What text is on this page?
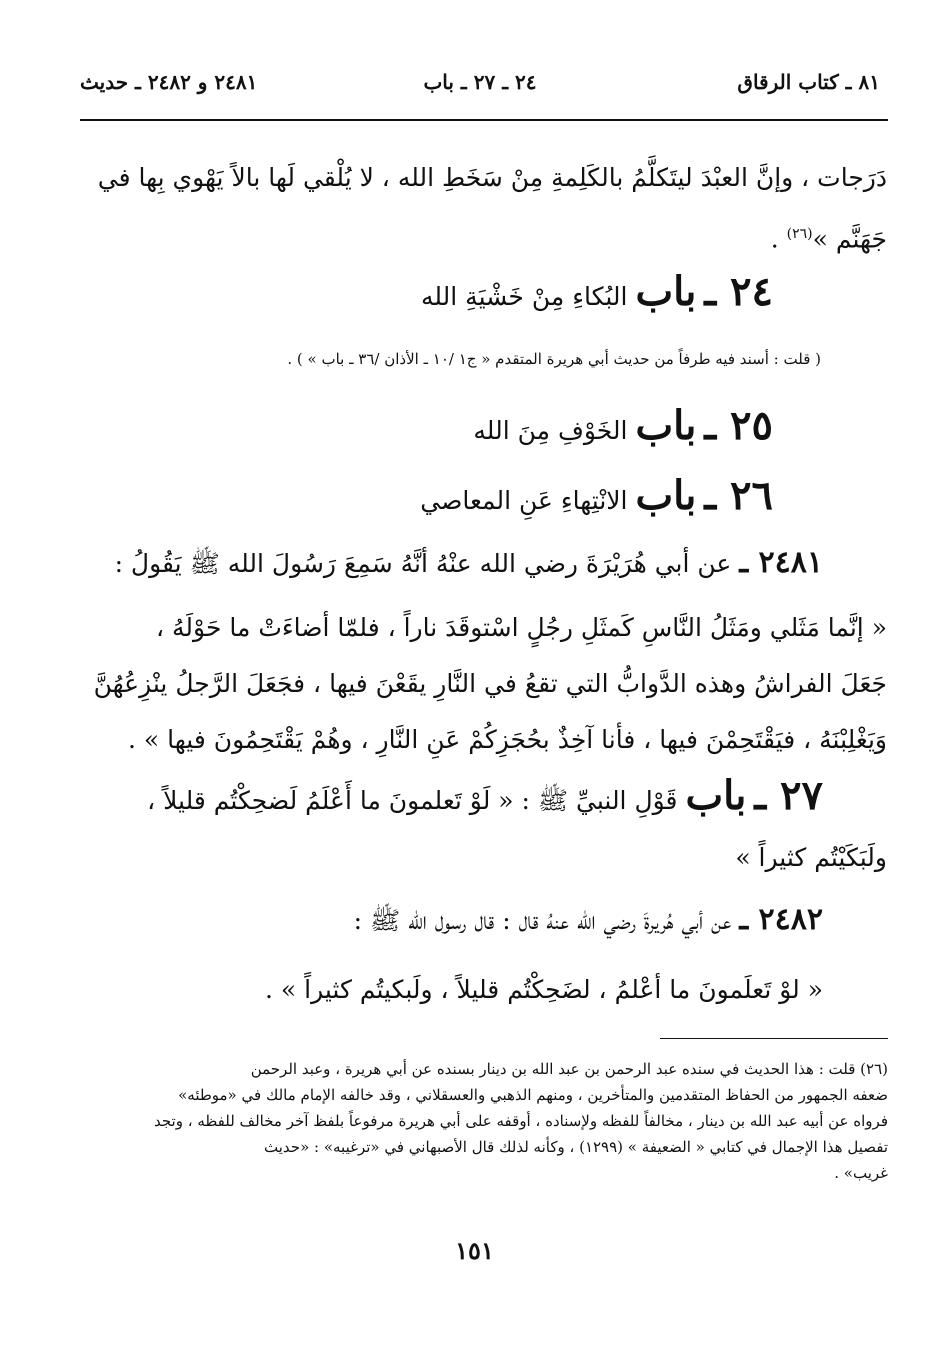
٨١ ـ كتاب الرقاق
٢٤ ـ ٢٧ ـ باب
٢٤٨١ و ٢٤٨٢ ـ حديث
دَرَجات ، وإنَّ العبْدَ ليتَكلَّمُ بالكَلِمةِ مِنْ سَخَطِ الله ، لا يُلْقي لَها بالاً يَهْوي بِها في
جَهَنَّم »$^{(٢٦)}$ .
٢٤ ـ باب البُكاءِ مِنْ خَشْيَةِ الله
( قلت : أسند فيه طرفاً من حديث أبي هريرة المتقدم « ج١ /١٠ ـ الأذان /٣٦ ـ باب » ) .
٢٥ ـ باب الخَوْفِ مِنَ الله
٢٦ ـ باب الانْتِهاءِ عَنِ المعاصي
٢٤٨١ ـ عن أبي هُرَيْرَةَ رضي الله عنْهُ أنَّهُ سَمِعَ رَسُولَ الله ﷺ يَقُولُ :
« إنَّما مَثَلي ومَثَلُ النَّاسِ كَمثَلِ رجُلٍ اسْتوقَدَ ناراً ، فلمّا أضاءَتْ ما حَوْلَهُ ،
جَعَلَ الفراشُ وهذه الدَّوابُّ التي تقعُ في النَّارِ يقَعْنَ فيها ، فجَعَلَ الرَّجلُ ينْزِعُهُنَّ
وَيَغْلِبْنَهُ ، فيَقْتَحِمْنَ فيها ، فأنا آخِذٌ بحُجَزِكُمْ عَنِ النَّارِ ، وهُمْ يَقْتَحِمُونَ فيها » .
٢٧ ـ باب قَوْلِ النبيِّ ﷺ : « لَوْ تَعلمونَ ما أَعْلَمُ لَضحِكْتُم قليلاً ،
ولَبَكَيْتُم كثيراً »
٢٤٨٢ ـ عن أبي هُريرةَ رضي الله عنهُ قال : قال رسول الله ﷺ :
« لوْ تَعلَمونَ ما أعْلمُ ، لضَحِكْتُم قليلاً ، ولَبكيتُم كثيراً » .
(٢٦) قلت : هذا الحديث في سنده عبد الرحمن بن عبد الله بن دينار بسنده عن أبي هريرة ، وعبد الرحمن
ضعفه الجمهور من الحفاظ المتقدمين والمتأخرين ، ومنهم الذهبي والعسقلاني ، وقد خالفه الإمام مالك في «موطئه»
فرواه عن أبيه عبد الله بن دينار ، مخالفاً للفظه ولإسناده ، أوقفه على أبي هريرة مرفوعاً بلفظ آخر مخالف للفظه ، وتجد
تفصيل هذا الإجمال في كتابي « الضعيفة » (١٢٩٩) ، وكأنه لذلك قال الأصبهاني في «ترغيبه» : «حديث
غريب» .
١٥١
